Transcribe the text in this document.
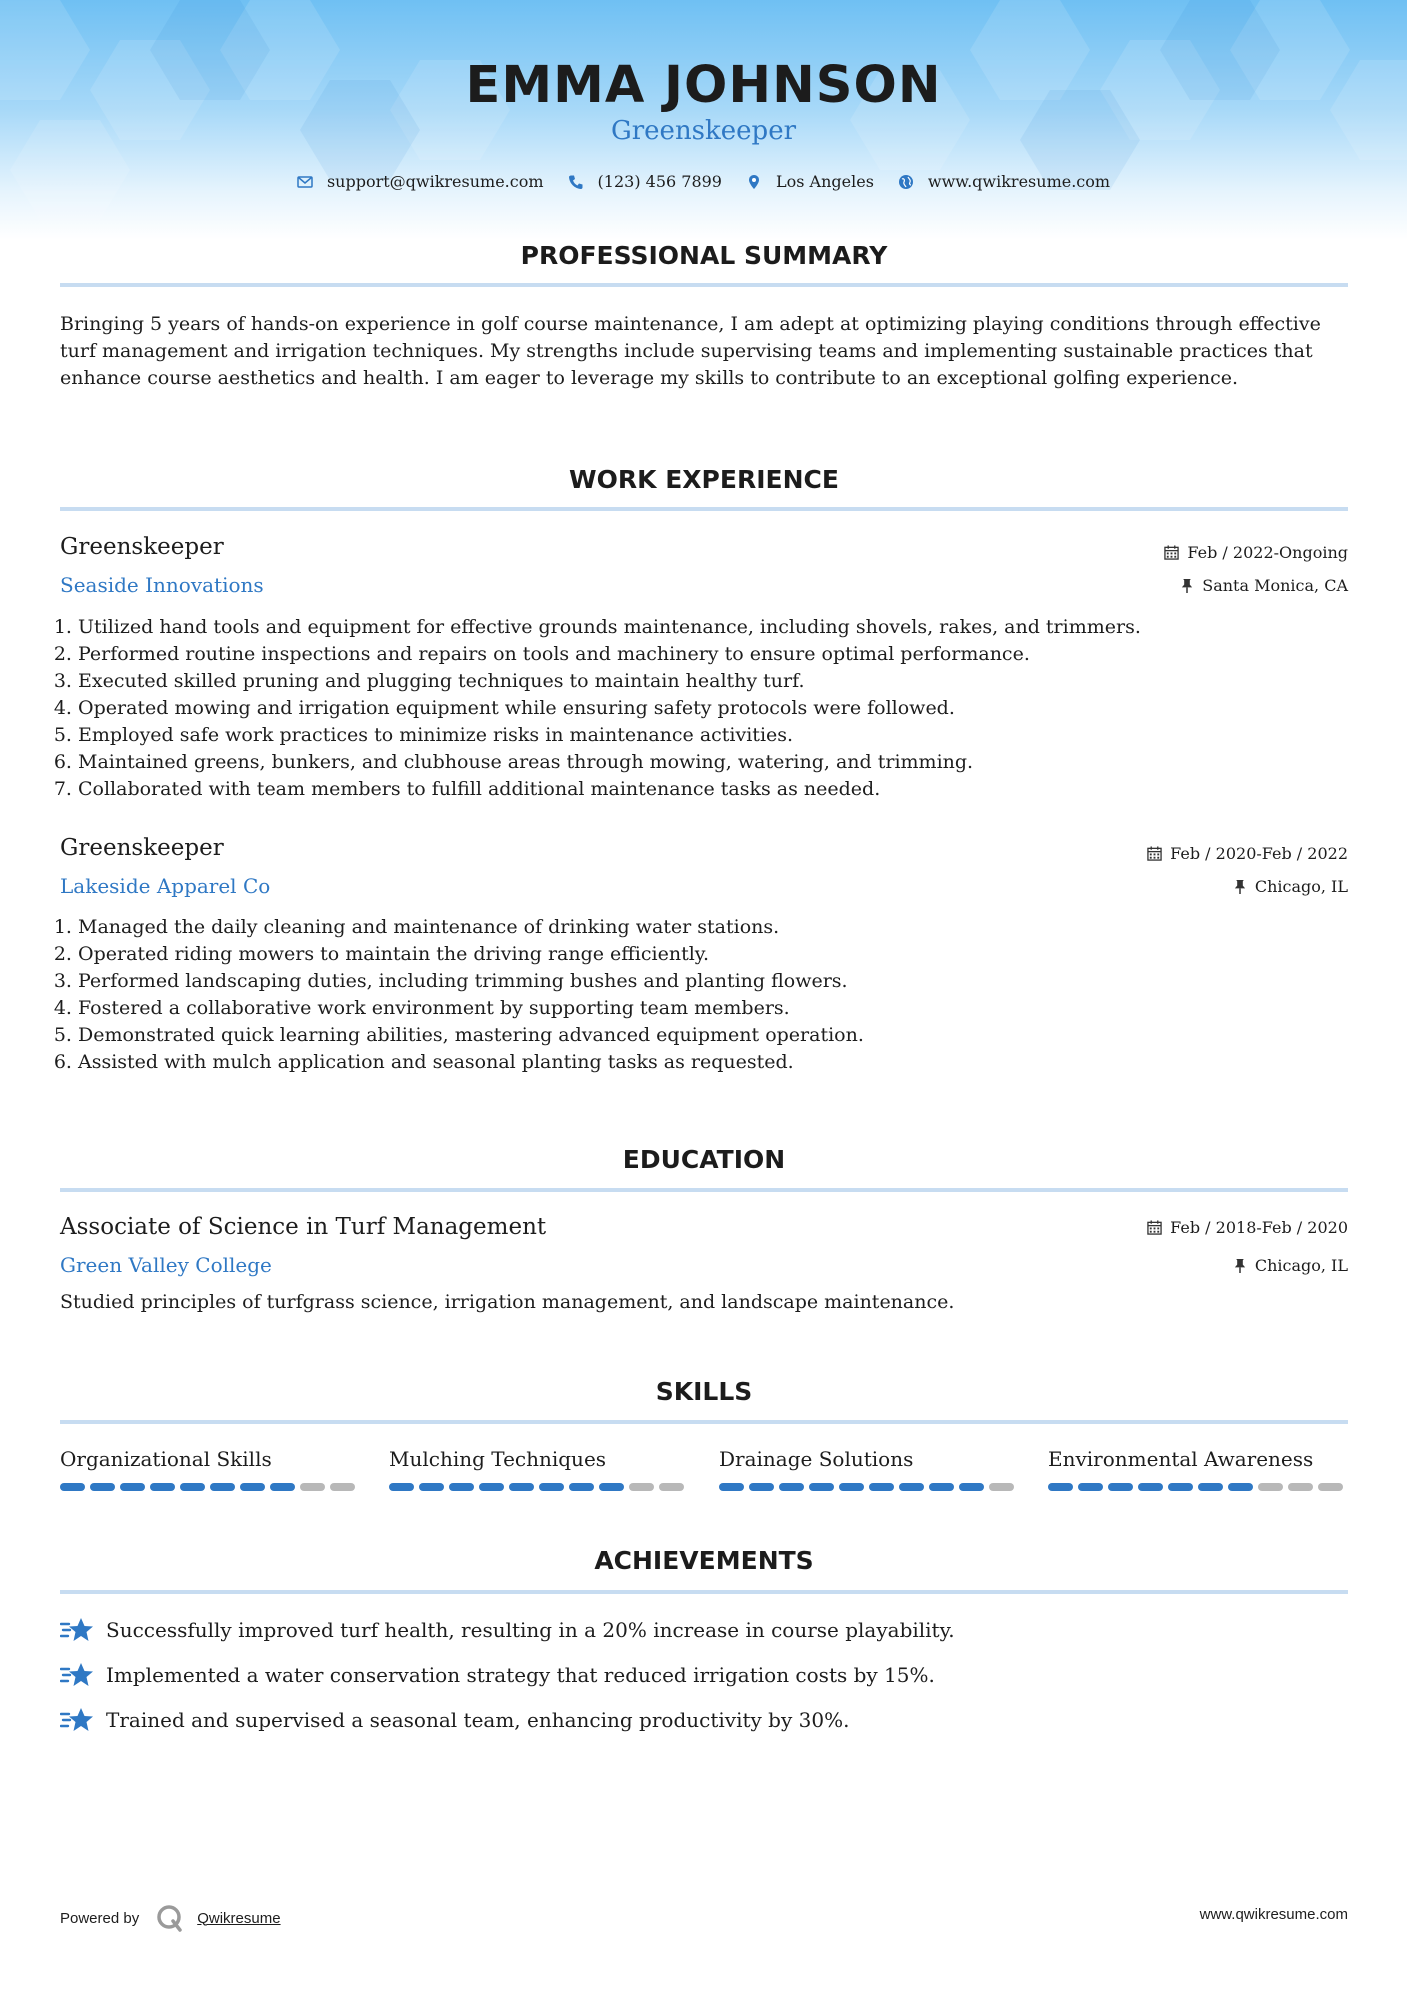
EMMA JOHNSON
Greenskeeper
support@qwikresume.com	(123) 456 7899	Los Angeles	www.qwikresume.com
PROFESSIONAL SUMMARY
Bringing 5 years of hands-on experience in golf course maintenance, I am adept at optimizing playing conditions through effective turf management and irrigation techniques. My strengths include supervising teams and implementing sustainable practices that enhance course aesthetics and health. I am eager to leverage my skills to contribute to an exceptional golfing experience.
WORK EXPERIENCE
Greenskeeper	Feb / 2022-Ongoing
Seaside Innovations	Santa Monica, CA
1. Utilized hand tools and equipment for effective grounds maintenance, including shovels, rakes, and trimmers.
2. Performed routine inspections and repairs on tools and machinery to ensure optimal performance.
3. Executed skilled pruning and plugging techniques to maintain healthy turf.
4. Operated mowing and irrigation equipment while ensuring safety protocols were followed.
5. Employed safe work practices to minimize risks in maintenance activities.
6. Maintained greens, bunkers, and clubhouse areas through mowing, watering, and trimming.
7. Collaborated with team members to fulfill additional maintenance tasks as needed.
Greenskeeper	Feb / 2020-Feb / 2022
Lakeside Apparel Co	Chicago, IL
1. Managed the daily cleaning and maintenance of drinking water stations.
2. Operated riding mowers to maintain the driving range efficiently.
3. Performed landscaping duties, including trimming bushes and planting flowers.
4. Fostered a collaborative work environment by supporting team members.
5. Demonstrated quick learning abilities, mastering advanced equipment operation.
6. Assisted with mulch application and seasonal planting tasks as requested.
EDUCATION
Associate of Science in Turf Management	Feb / 2018-Feb / 2020
Green Valley College	Chicago, IL
Studied principles of turfgrass science, irrigation management, and landscape maintenance.
SKILLS
Organizational Skills	Mulching Techniques	Drainage Solutions	Environmental Awareness
ACHIEVEMENTS
Successfully improved turf health, resulting in a 20% increase in course playability.
Implemented a water conservation strategy that reduced irrigation costs by 15%.
Trained and supervised a seasonal team, enhancing productivity by 30%.
Powered by	Qwikresume	www.qwikresume.com
